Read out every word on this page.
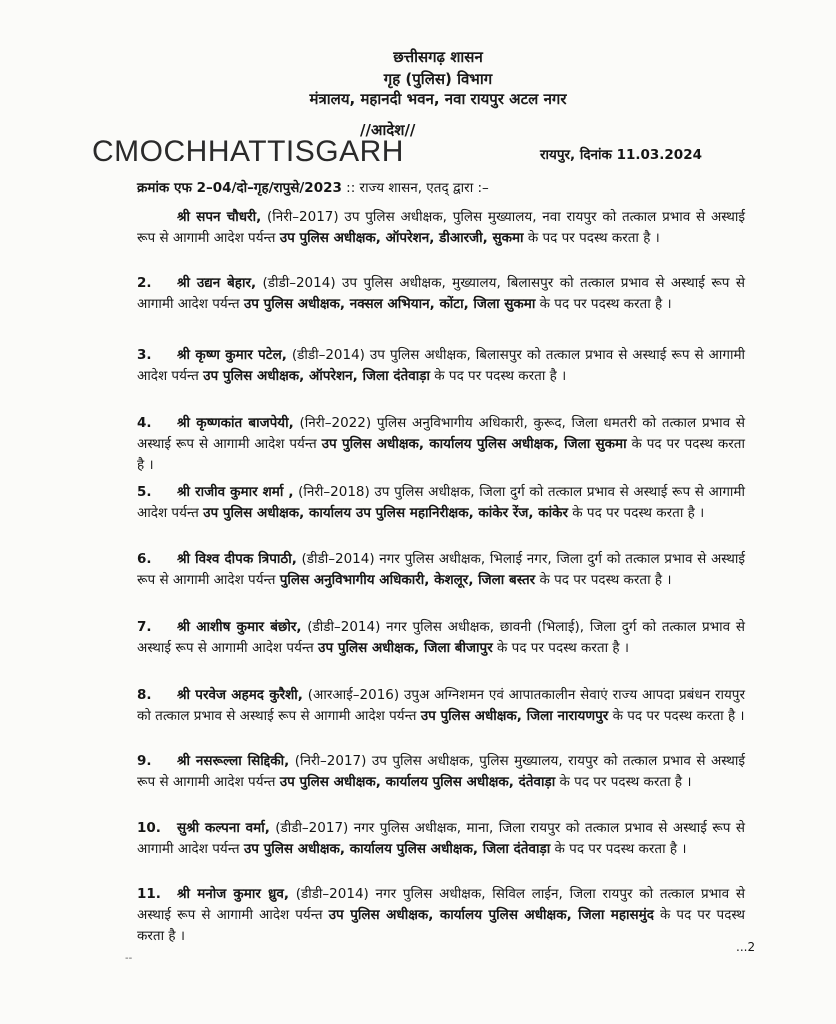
छत्तीसगढ़ शासन
गृह (पुलिस) विभाग
मंत्रालय, महानदी भवन, नवा रायपुर अटल नगर
//आदेश//
CMOCHHATTISGARH	रायपुर, दिनांक 11.03.2024
क्रमांक एफ 2–04/दो–गृह/रापुसे/2023 :: राज्य शासन, एतद् द्वारा :–
श्री सपन चौधरी, (निरी–2017) उप पुलिस अधीक्षक, पुलिस मुख्यालय, नवा रायपुर को तत्काल प्रभाव से अस्थाई रूप से आगामी आदेश पर्यन्त उप पुलिस अधीक्षक, ऑपरेशन, डीआरजी, सुकमा के पद पर पदस्थ करता है ।
2. श्री उद्यन बेहार, (डीडी–2014) उप पुलिस अधीक्षक, मुख्यालय, बिलासपुर को तत्काल प्रभाव से अस्थाई रूप से आगामी आदेश पर्यन्त उप पुलिस अधीक्षक, नक्सल अभियान, कोंटा, जिला सुकमा के पद पर पदस्थ करता है ।
3. श्री कृष्ण कुमार पटेल, (डीडी–2014) उप पुलिस अधीक्षक, बिलासपुर को तत्काल प्रभाव से अस्थाई रूप से आगामी आदेश पर्यन्त उप पुलिस अधीक्षक, ऑपरेशन, जिला दंतेवाड़ा के पद पर पदस्थ करता है ।
4. श्री कृष्णकांत बाजपेयी, (निरी–2022) पुलिस अनुविभागीय अधिकारी, कुरूद, जिला धमतरी को तत्काल प्रभाव से अस्थाई रूप से आगामी आदेश पर्यन्त उप पुलिस अधीक्षक, कार्यालय पुलिस अधीक्षक, जिला सुकमा के पद पर पदस्थ करता है ।
5. श्री राजीव कुमार शर्मा , (निरी–2018) उप पुलिस अधीक्षक, जिला दुर्ग को तत्काल प्रभाव से अस्थाई रूप से आगामी आदेश पर्यन्त उप पुलिस अधीक्षक, कार्यालय उप पुलिस महानिरीक्षक, कांकेर रेंज, कांकेर के पद पर पदस्थ करता है ।
6. श्री विश्व दीपक त्रिपाठी, (डीडी–2014) नगर पुलिस अधीक्षक, भिलाई नगर, जिला दुर्ग को तत्काल प्रभाव से अस्थाई रूप से आगामी आदेश पर्यन्त पुलिस अनुविभागीय अधिकारी, केशलूर, जिला बस्तर के पद पर पदस्थ करता है ।
7. श्री आशीष कुमार बंछोर, (डीडी–2014) नगर पुलिस अधीक्षक, छावनी (भिलाई), जिला दुर्ग को तत्काल प्रभाव से अस्थाई रूप से आगामी आदेश पर्यन्त उप पुलिस अधीक्षक, जिला बीजापुर के पद पर पदस्थ करता है ।
8. श्री परवेज अहमद कुरैशी, (आरआई–2016) उपुअ अग्निशमन एवं आपातकालीन सेवाएं राज्य आपदा प्रबंधन रायपुर को तत्काल प्रभाव से अस्थाई रूप से आगामी आदेश पर्यन्त उप पुलिस अधीक्षक, जिला नारायणपुर के पद पर पदस्थ करता है ।
9. श्री नसरूल्ला सिद्दिकी, (निरी–2017) उप पुलिस अधीक्षक, पुलिस मुख्यालय, रायपुर को तत्काल प्रभाव से अस्थाई रूप से आगामी आदेश पर्यन्त उप पुलिस अधीक्षक, कार्यालय पुलिस अधीक्षक, दंतेवाड़ा के पद पर पदस्थ करता है ।
10. सुश्री कल्पना वर्मा, (डीडी–2017) नगर पुलिस अधीक्षक, माना, जिला रायपुर को तत्काल प्रभाव से अस्थाई रूप से आगामी आदेश पर्यन्त उप पुलिस अधीक्षक, कार्यालय पुलिस अधीक्षक, जिला दंतेवाड़ा के पद पर पदस्थ करता है ।
11. श्री मनोज कुमार ध्रुव, (डीडी–2014) नगर पुलिस अधीक्षक, सिविल लाईन, जिला रायपुर को तत्काल प्रभाव से अस्थाई रूप से आगामी आदेश पर्यन्त उप पुलिस अधीक्षक, कार्यालय पुलिस अधीक्षक, जिला महासमुंद के पद पर पदस्थ करता है ।
...2
--
